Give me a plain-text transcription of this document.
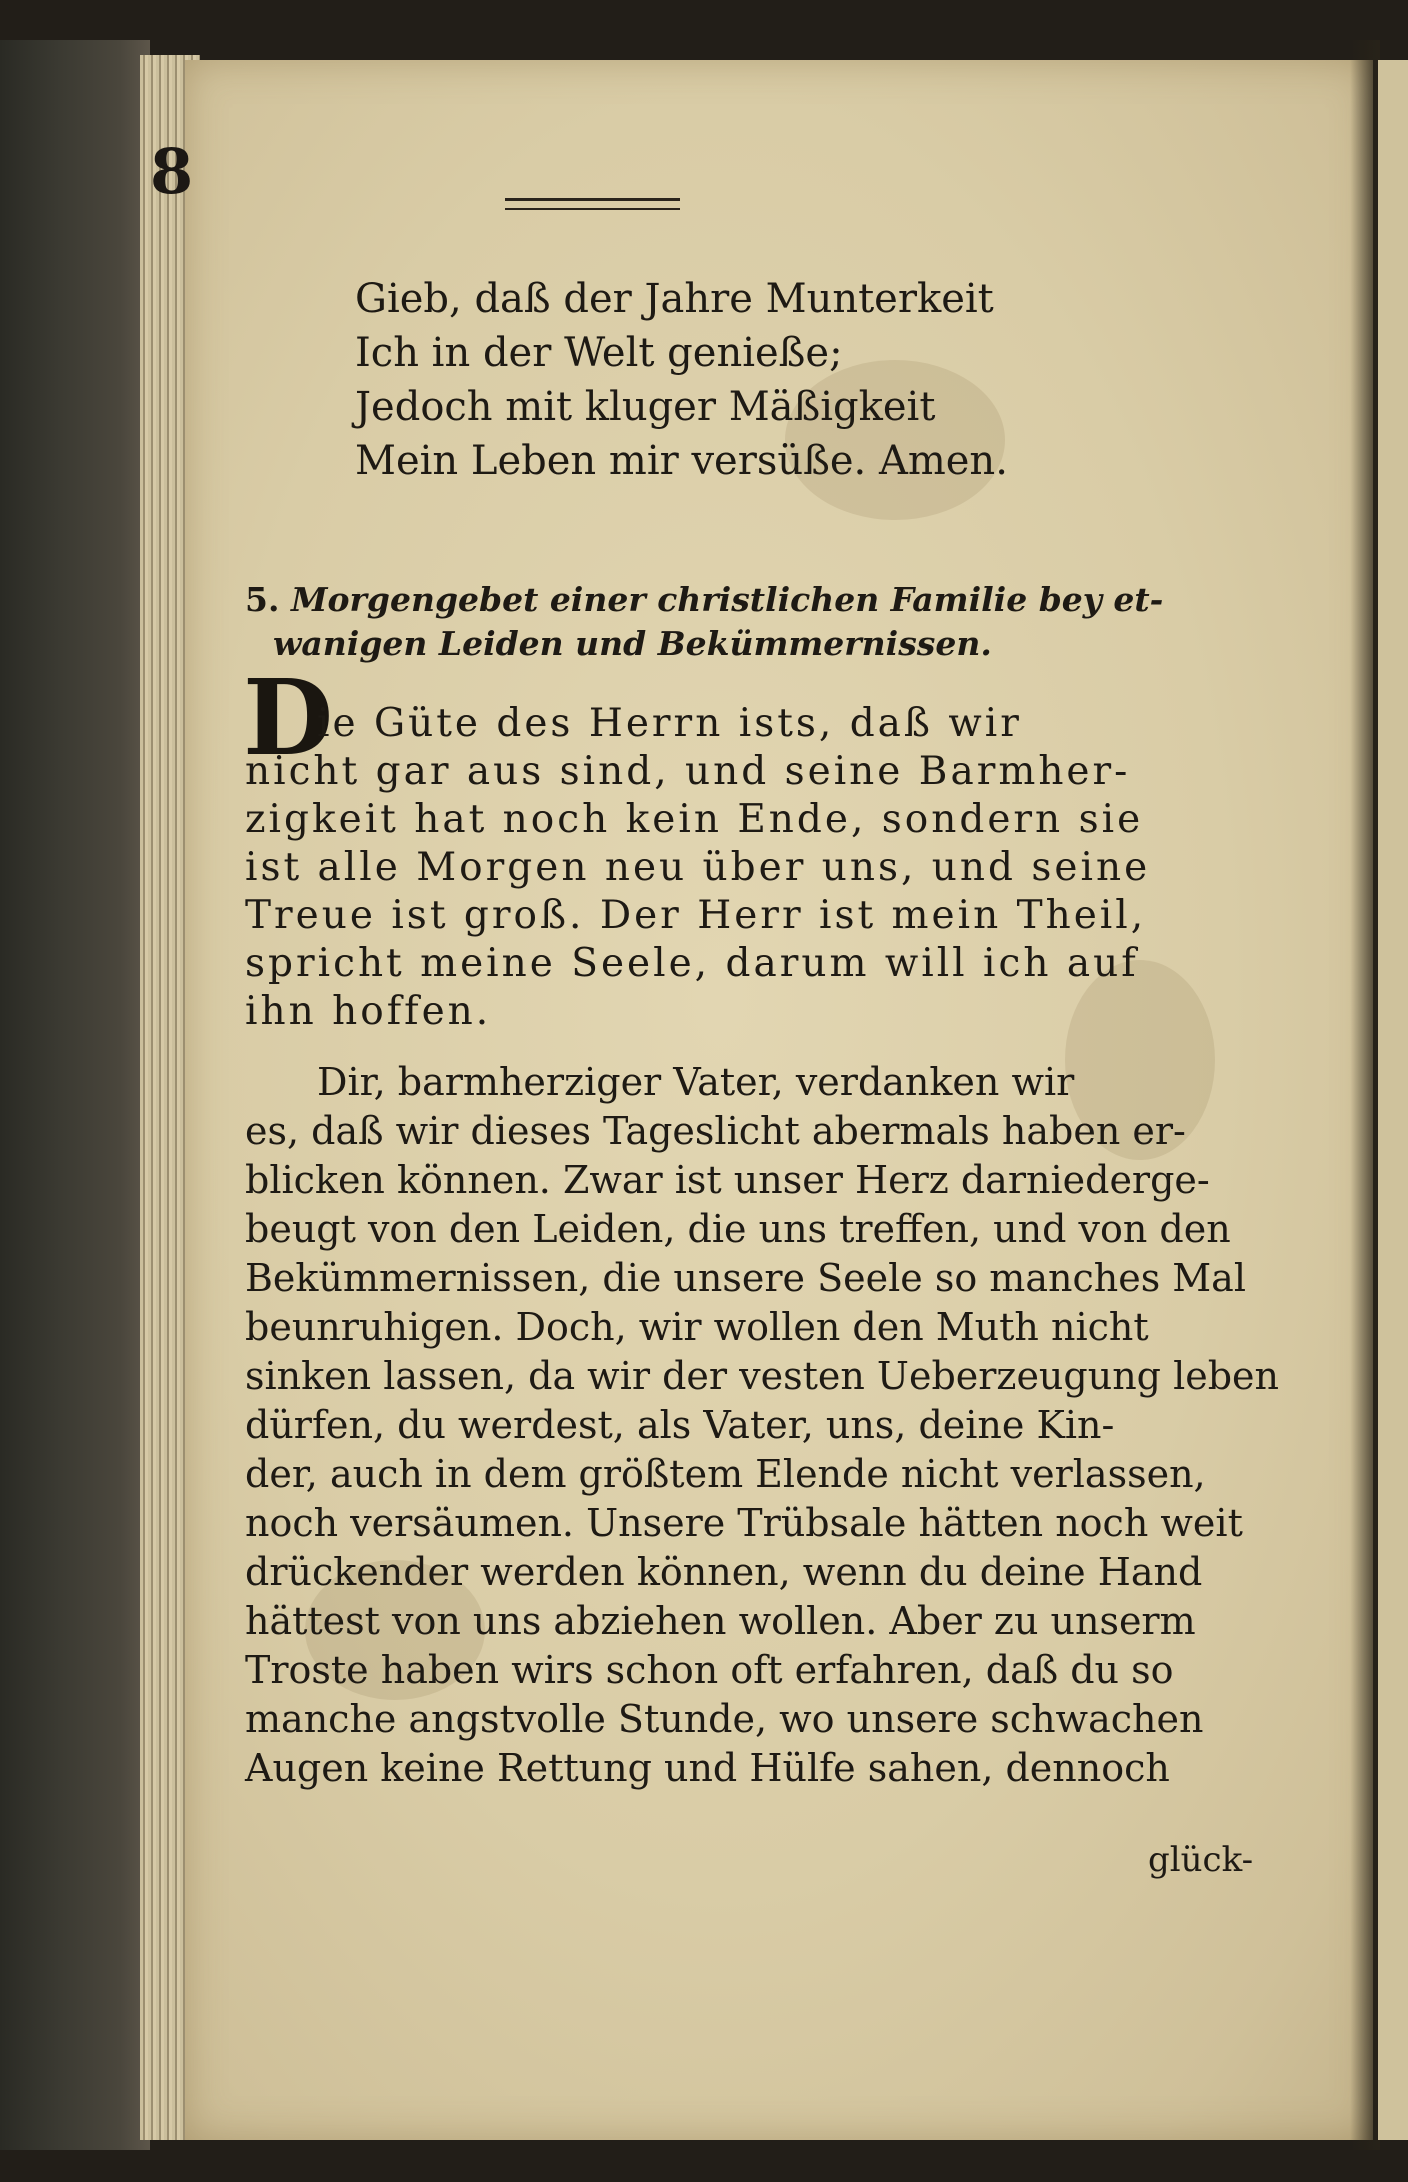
8

Gieb, daß der Jahre Munterkeit
Ich in der Welt genieße;
Jedoch mit kluger Mäßigkeit
Mein Leben mir versüße. Amen.
5. Morgengebet einer christlichen Familie bey et-
wanigen Leiden und Bekümmernissen.

D

ie Güte des Herrn ists, daß wir
nicht gar aus sind, und seine Barmher-
zigkeit hat noch kein Ende, sondern sie
ist alle Morgen neu über uns, und seine
Treue ist groß. Der Herr ist mein Theil,
spricht meine Seele, darum will ich auf
ihn hoffen.
Dir, barmherziger Vater, verdanken wir
es, daß wir dieses Tageslicht abermals haben er-
blicken können. Zwar ist unser Herz darniederge-
beugt von den Leiden, die uns treffen, und von den
Bekümmernissen, die unsere Seele so manches Mal
beunruhigen. Doch, wir wollen den Muth nicht
sinken lassen, da wir der vesten Ueberzeugung leben
dürfen, du werdest, als Vater, uns, deine Kin-
der, auch in dem größtem Elende nicht verlassen,
noch versäumen. Unsere Trübsale hätten noch weit
drückender werden können, wenn du deine Hand
hättest von uns abziehen wollen. Aber zu unserm
Troste haben wirs schon oft erfahren, daß du so
manche angstvolle Stunde, wo unsere schwachen
Augen keine Rettung und Hülfe sahen, dennoch

glück-
